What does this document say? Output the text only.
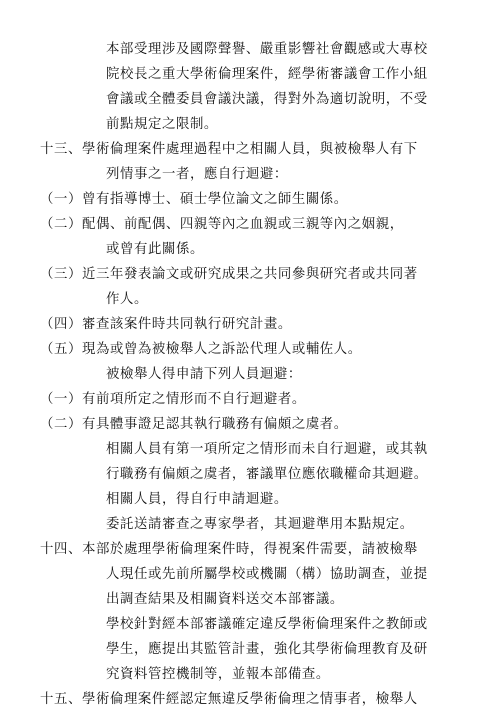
本部受理涉及國際聲譽、嚴重影響社會觀感或大專校
院校長之重大學術倫理案件，經學術審議會工作小組
會議或全體委員會議決議，得對外為適切說明，不受
前點規定之限制。
十三、學術倫理案件處理過程中之相關人員，與被檢舉人有下
列情事之一者，應自行迴避：
（一）曾有指導博士、碩士學位論文之師生關係。
（二）配偶、前配偶、四親等內之血親或三親等內之姻親，
或曾有此關係。
（三）近三年發表論文或研究成果之共同參與研究者或共同著
作人。
（四）審查該案件時共同執行研究計畫。
（五）現為或曾為被檢舉人之訴訟代理人或輔佐人。
被檢舉人得申請下列人員迴避：
（一）有前項所定之情形而不自行迴避者。
（二）有具體事證足認其執行職務有偏頗之虞者。
相關人員有第一項所定之情形而未自行迴避，或其執
行職務有偏頗之虞者，審議單位應依職權命其迴避。
相關人員，得自行申請迴避。
委託送請審查之專家學者，其迴避準用本點規定。
十四、本部於處理學術倫理案件時，得視案件需要，請被檢舉
人現任或先前所屬學校或機關（構）協助調查，並提
出調查結果及相關資料送交本部審議。
學校針對經本部審議確定違反學術倫理案件之教師或
學生，應提出其監管計畫，強化其學術倫理教育及研
究資料管控機制等，並報本部備查。
十五、學術倫理案件經認定無違反學術倫理之情事者，檢舉人
